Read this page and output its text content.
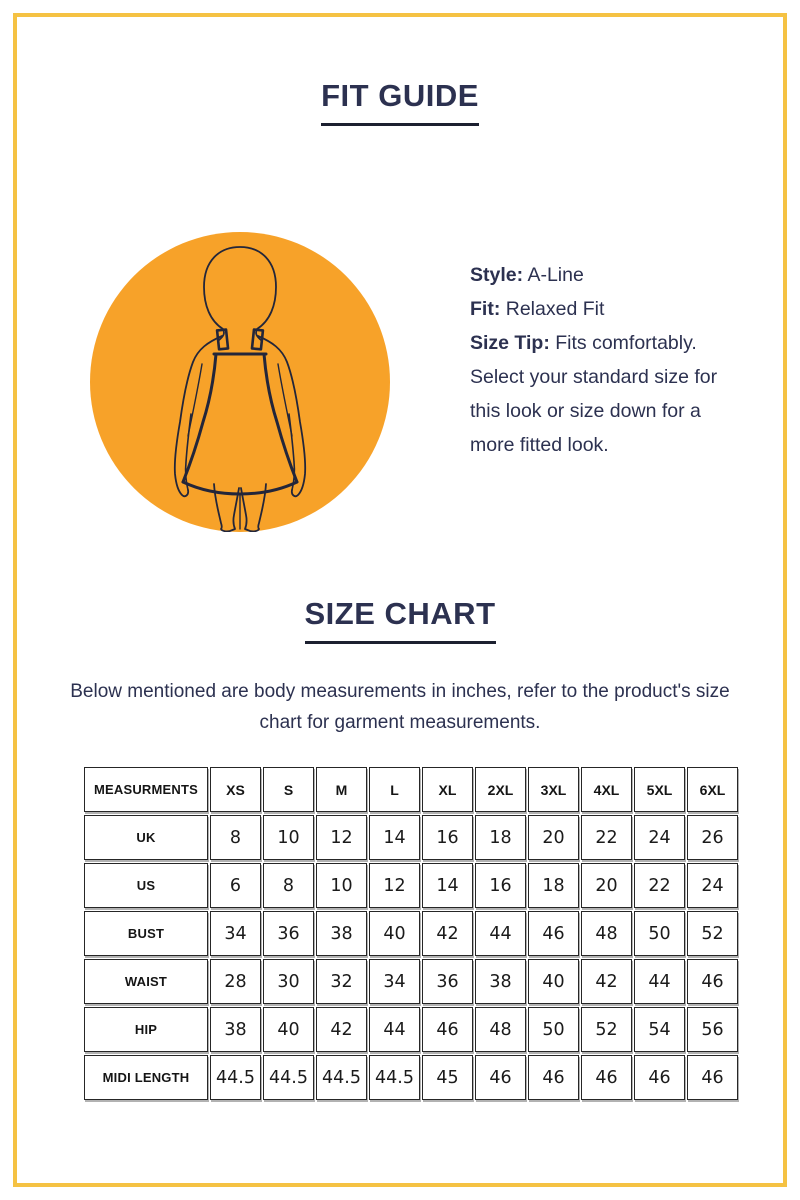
FIT GUIDE

Style: A-Line

Fit: Relaxed Fit

Size Tip: Fits comfortably. Select your standard size for this look or size down for a more fitted look.

SIZE CHART

Below mentioned are body measurements in inches, refer to the product's size chart for garment measurements.

MEASURMENTS	XS	S	M	L	XL	2XL	3XL	4XL	5XL	6XL
UK	8	10	12	14	16	18	20	22	24	26
US	6	8	10	12	14	16	18	20	22	24
BUST	34	36	38	40	42	44	46	48	50	52
WAIST	28	30	32	34	36	38	40	42	44	46
HIP	38	40	42	44	46	48	50	52	54	56
MIDI LENGTH	44.5	44.5	44.5	44.5	45	46	46	46	46	46
